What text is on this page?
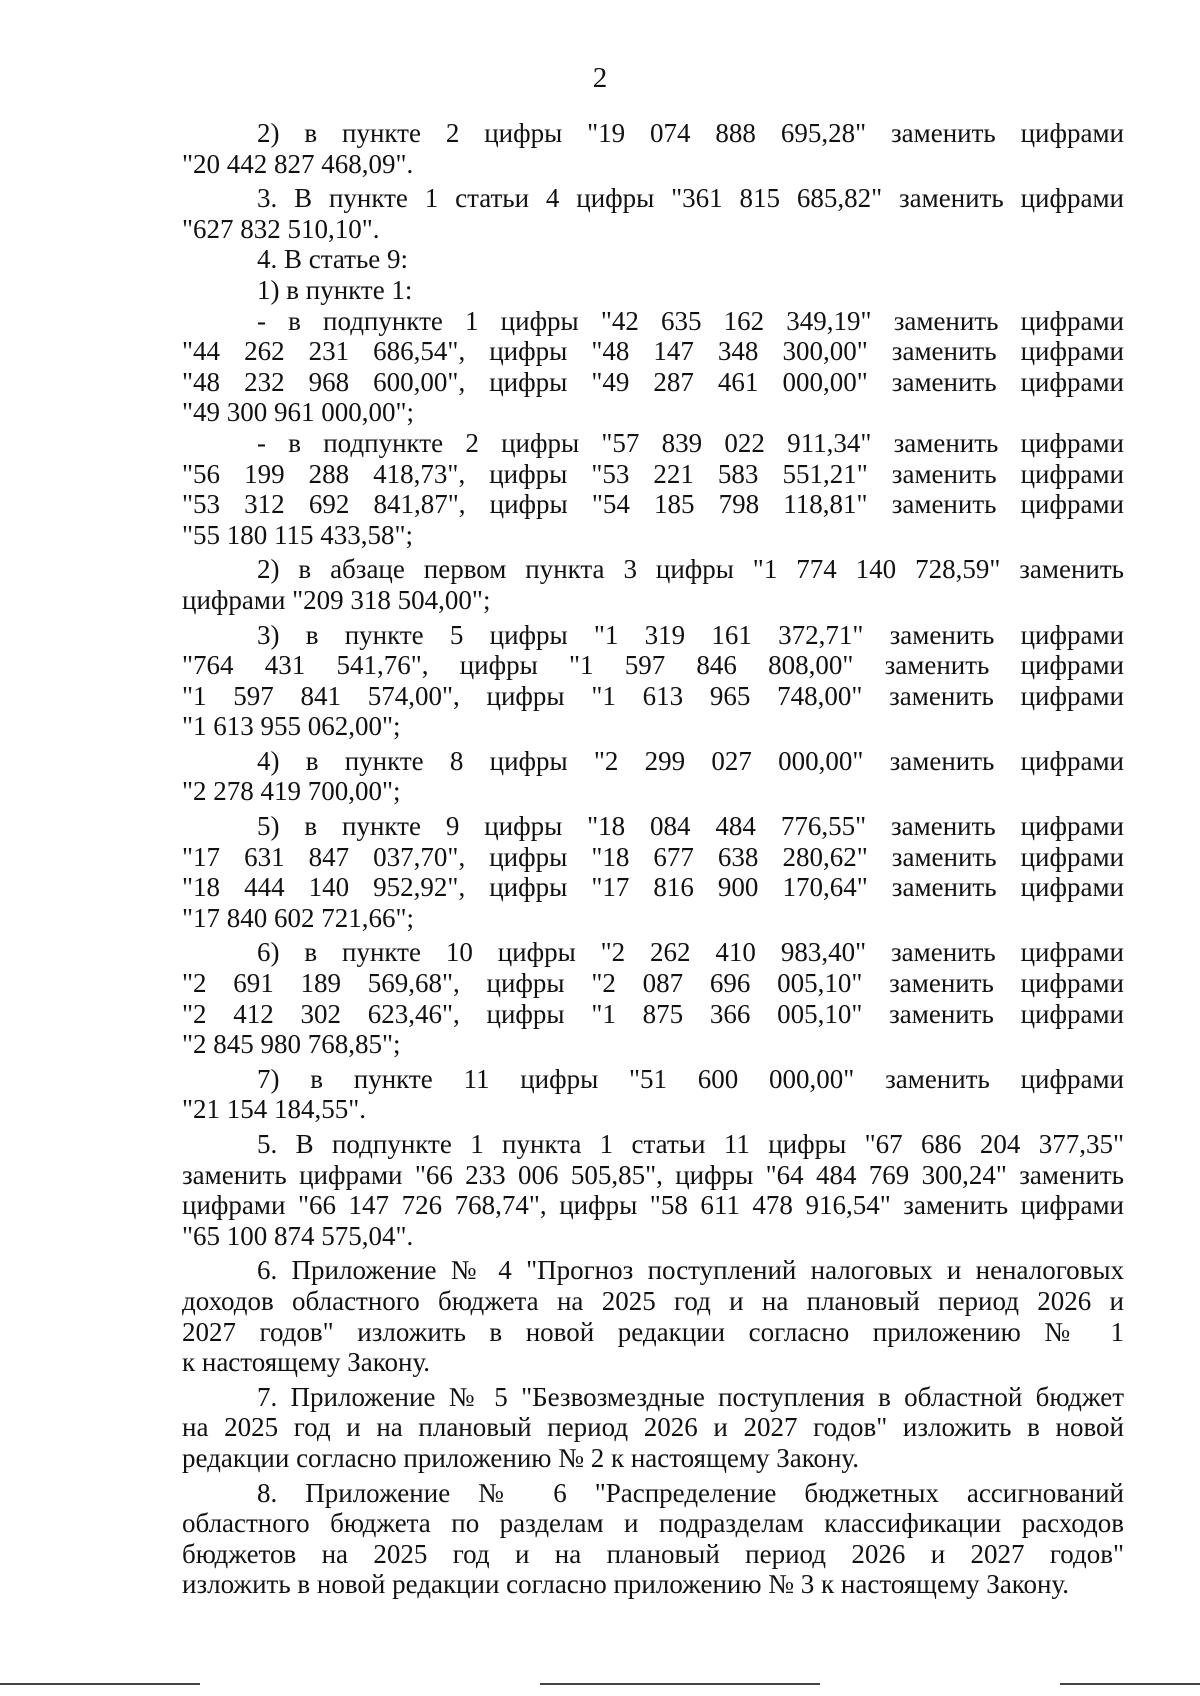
2
2) в пункте 2 цифры "19 074 888 695,28" заменить цифрами
"20 442 827 468,09".
3. В пункте 1 статьи 4 цифры "361 815 685,82" заменить цифрами
"627 832 510,10".
4. В статье 9:
1) в пункте 1:
- в подпункте 1 цифры "42 635 162 349,19" заменить цифрами
"44 262 231 686,54", цифры "48 147 348 300,00" заменить цифрами
"48 232 968 600,00", цифры "49 287 461 000,00" заменить цифрами
"49 300 961 000,00";
- в подпункте 2 цифры "57 839 022 911,34" заменить цифрами
"56 199 288 418,73", цифры "53 221 583 551,21" заменить цифрами
"53 312 692 841,87", цифры "54 185 798 118,81" заменить цифрами
"55 180 115 433,58";
2) в абзаце первом пункта 3 цифры "1 774 140 728,59" заменить
цифрами "209 318 504,00";
3) в пункте 5 цифры "1 319 161 372,71" заменить цифрами
"764 431 541,76", цифры "1 597 846 808,00" заменить цифрами
"1 597 841 574,00", цифры "1 613 965 748,00" заменить цифрами
"1 613 955 062,00";
4) в пункте 8 цифры "2 299 027 000,00" заменить цифрами
"2 278 419 700,00";
5) в пункте 9 цифры "18 084 484 776,55" заменить цифрами
"17 631 847 037,70", цифры "18 677 638 280,62" заменить цифрами
"18 444 140 952,92", цифры "17 816 900 170,64" заменить цифрами
"17 840 602 721,66";
6) в пункте 10 цифры "2 262 410 983,40" заменить цифрами
"2 691 189 569,68", цифры "2 087 696 005,10" заменить цифрами
"2 412 302 623,46", цифры "1 875 366 005,10" заменить цифрами
"2 845 980 768,85";
7) в пункте 11 цифры "51 600 000,00" заменить цифрами
"21 154 184,55".
5. В подпункте 1 пункта 1 статьи 11 цифры "67 686 204 377,35"
заменить цифрами "66 233 006 505,85", цифры "64 484 769 300,24" заменить
цифрами "66 147 726 768,74", цифры "58 611 478 916,54" заменить цифрами
"65 100 874 575,04".
6. Приложение № 4 "Прогноз поступлений налоговых и неналоговых
доходов областного бюджета на 2025 год и на плановый период 2026 и
2027 годов" изложить в новой редакции согласно приложению № 1
к настоящему Закону.
7. Приложение № 5 "Безвозмездные поступления в областной бюджет
на 2025 год и на плановый период 2026 и 2027 годов" изложить в новой
редакции согласно приложению № 2 к настоящему Закону.
8. Приложение № 6 "Распределение бюджетных ассигнований
областного бюджета по разделам и подразделам классификации расходов
бюджетов на 2025 год и на плановый период 2026 и 2027 годов"
изложить в новой редакции согласно приложению № 3 к настоящему Закону.
